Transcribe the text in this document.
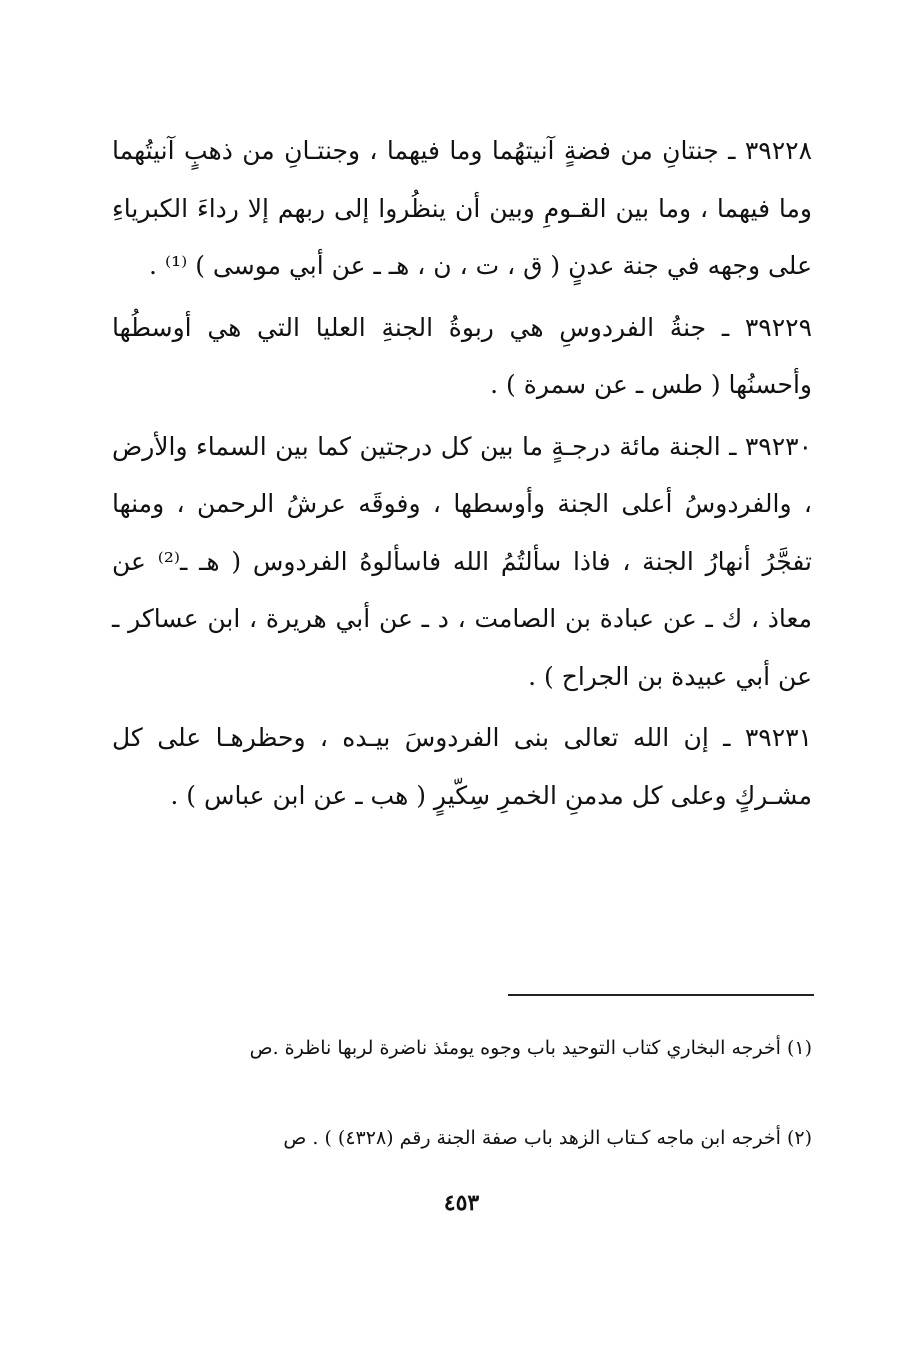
٣٩٢٢٨ ـ جنتانِ من فضةٍ آنيتهُما وما فيهما ، وجنتـانِ من ذهبٍ آنيتُهما وما فيهما ، وما بين القـومِ وبين أن ينظُروا إلى ربهم إلا رداءَ الكبرياءِ على وجهه في جنة عدنٍ ( ق ، ت ، ن ، هـ ـ عن أبي موسى ) ⁽¹⁾ .

٣٩٢٢٩ ـ جنةُ الفردوسِ هي ربوةُ الجنةِ العليا التي هي أوسطُها وأحسنُها ( طس ـ عن سمرة ) .

٣٩٢٣٠ ـ الجنة مائة درجـةٍ ما بين كل درجتين كما بين السماء والأرض ، والفردوسُ أعلى الجنة وأوسطها ، وفوقَه عرشُ الرحمن ، ومنها تفجَّرُ أنهارُ الجنة ، فاذا سألتُمُ الله فاسألوهُ الفردوس ( هـ ـ⁽²⁾ عن معاذ ، ك ـ عن عبادة بن الصامت ، د ـ عن أبي هريرة ، ابن عساكر ـ عن أبي عبيدة بن الجراح ) .

٣٩٢٣١ ـ إن الله تعالى بنى الفردوسَ بيـده ، وحظرهـا على كل مشـركٍ وعلى كل مدمنِ الخمرِ سِكّيرٍ ( هب ـ عن ابن عباس ) .

(١) أخرجه البخاري كتاب التوحيد باب وجوه يومئذ ناضرة لربها ناظرة .ص

(٢) أخرجه ابن ماجه كـتاب الزهد باب صفة الجنة رقم (٤٣٢٨) ) . ص

٤٥٣
